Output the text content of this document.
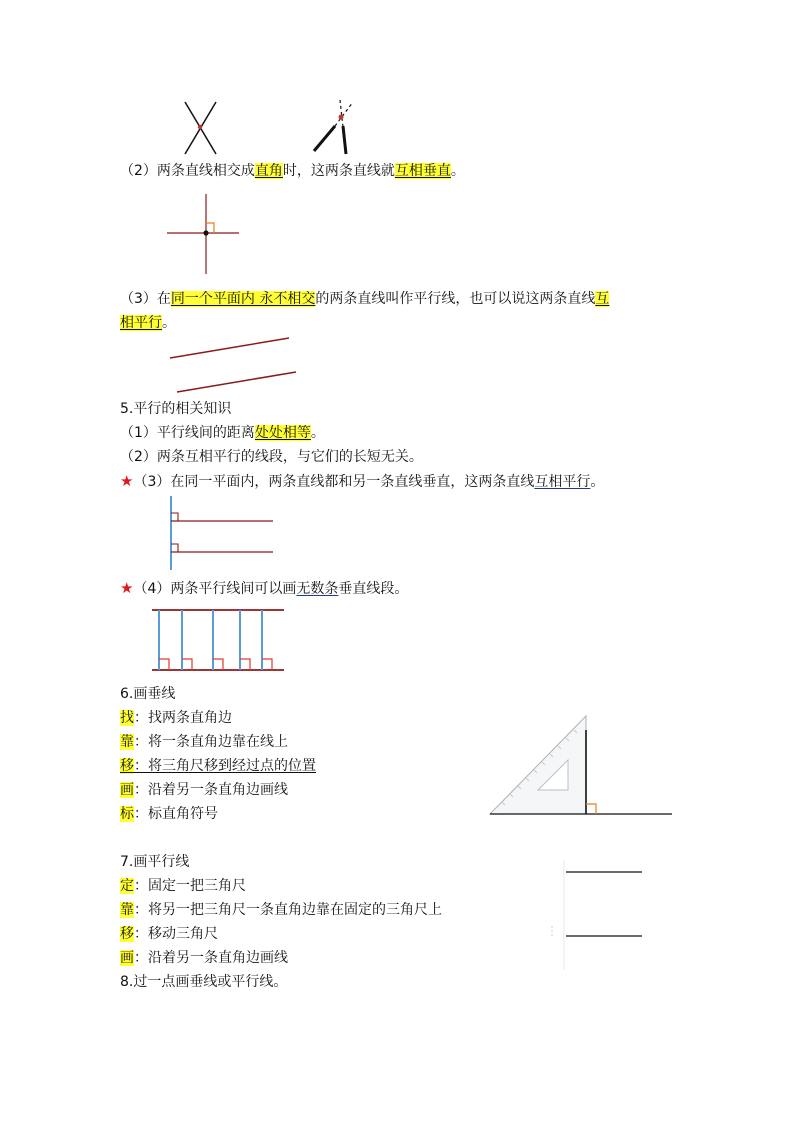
（2）两条直线相交成直角时，这两条直线就互相垂直。
（3）在同一个平面内 永不相交的两条直线叫作平行线，也可以说这两条直线互
相平行。
5.平行的相关知识
（1）平行线间的距离处处相等。
（2）两条互相平行的线段，与它们的长短无关。
★（3）在同一平面内，两条直线都和另一条直线垂直，这两条直线互相平行。
★（4）两条平行线间可以画无数条垂直线段。
6.画垂线
找：找两条直角边
靠：将一条直角边靠在线上
移：将三角尺移到经过点的位置
画：沿着另一条直角边画线
标：标直角符号
7.画平行线
定：固定一把三角尺
靠：将另一把三角尺一条直角边靠在固定的三角尺上
移：移动三角尺
画：沿着另一条直角边画线
8.过一点画垂线或平行线。
